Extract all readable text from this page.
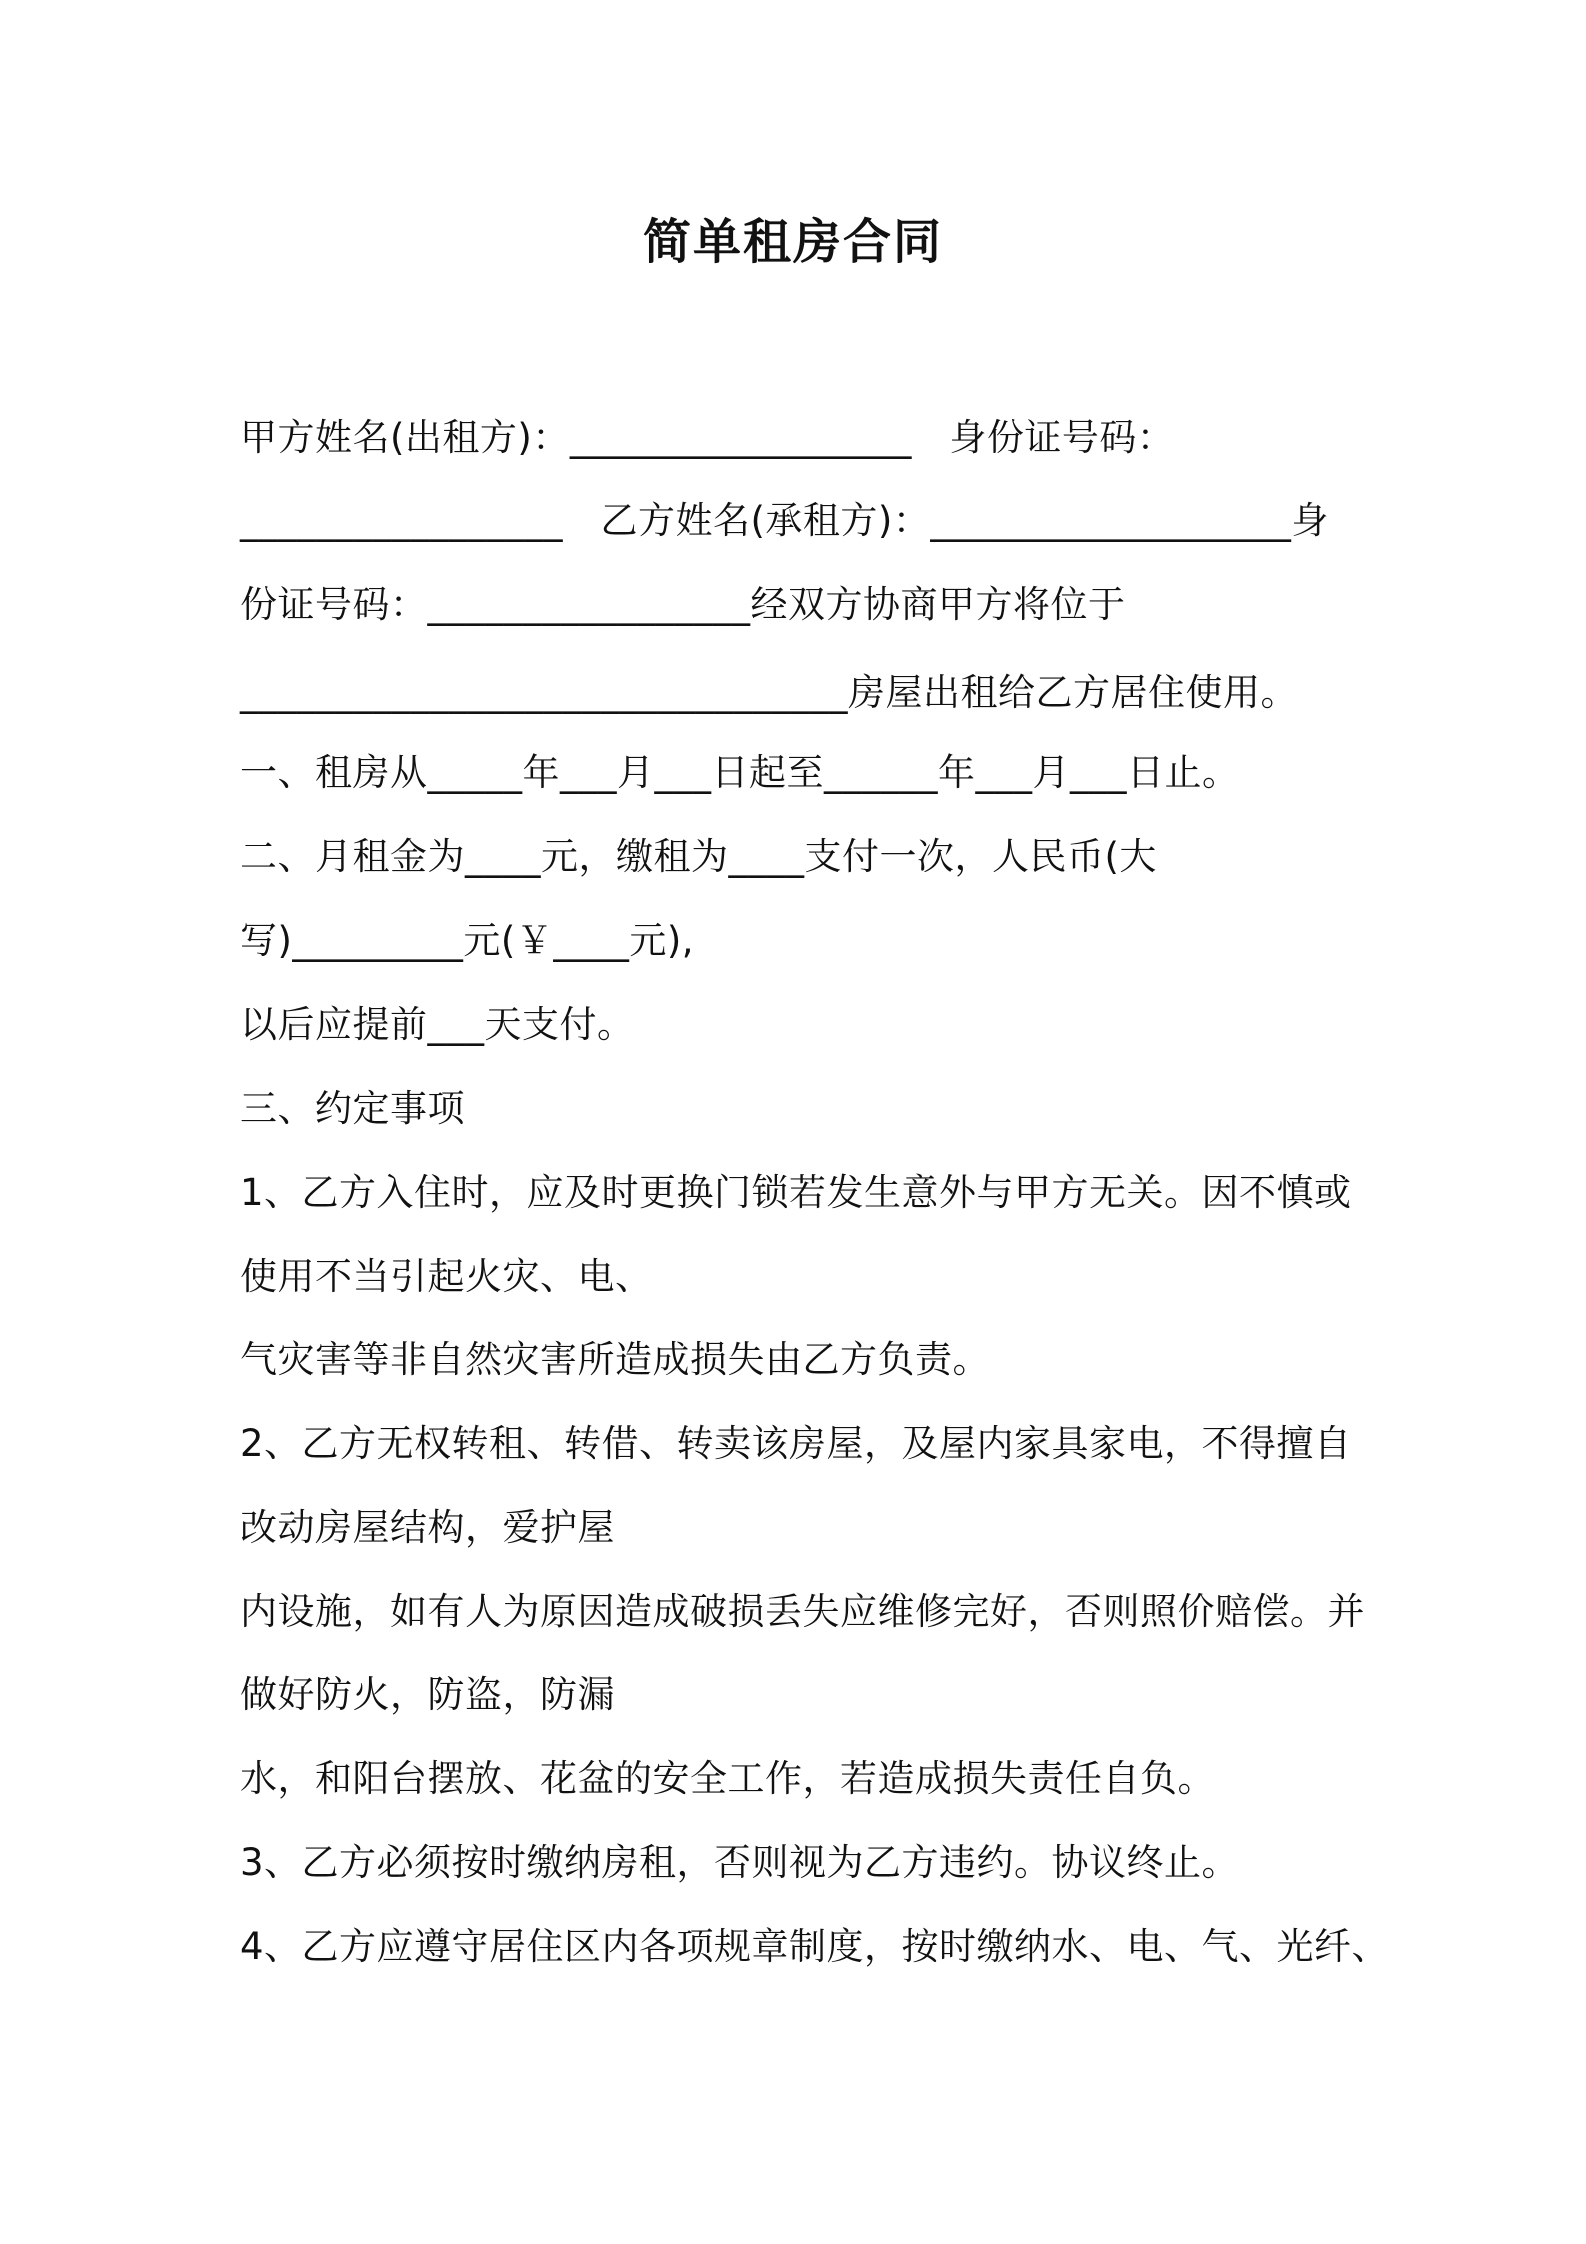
简单租房合同
甲方姓名(出租方)：__________________　身份证号码：
_________________　乙方姓名(承租方)：___________________身
份证号码：_________________经双方协商甲方将位于
________________________________房屋出租给乙方居住使用。
一、租房从_____年___月___日起至______年___月___日止。
二、月租金为____元，缴租为____支付一次，人民币(大
写)_________元(￥____元),
以后应提前___天支付。
三、约定事项
1、乙方入住时，应及时更换门锁若发生意外与甲方无关。因不慎或
使用不当引起火灾、电、
气灾害等非自然灾害所造成损失由乙方负责。
2、乙方无权转租、转借、转卖该房屋，及屋内家具家电，不得擅自
改动房屋结构，爱护屋
内设施，如有人为原因造成破损丢失应维修完好，否则照价赔偿。并
做好防火，防盗，防漏
水，和阳台摆放、花盆的安全工作，若造成损失责任自负。
3、乙方必须按时缴纳房租，否则视为乙方违约。协议终止。
4、乙方应遵守居住区内各项规章制度，按时缴纳水、电、气、光纤、
